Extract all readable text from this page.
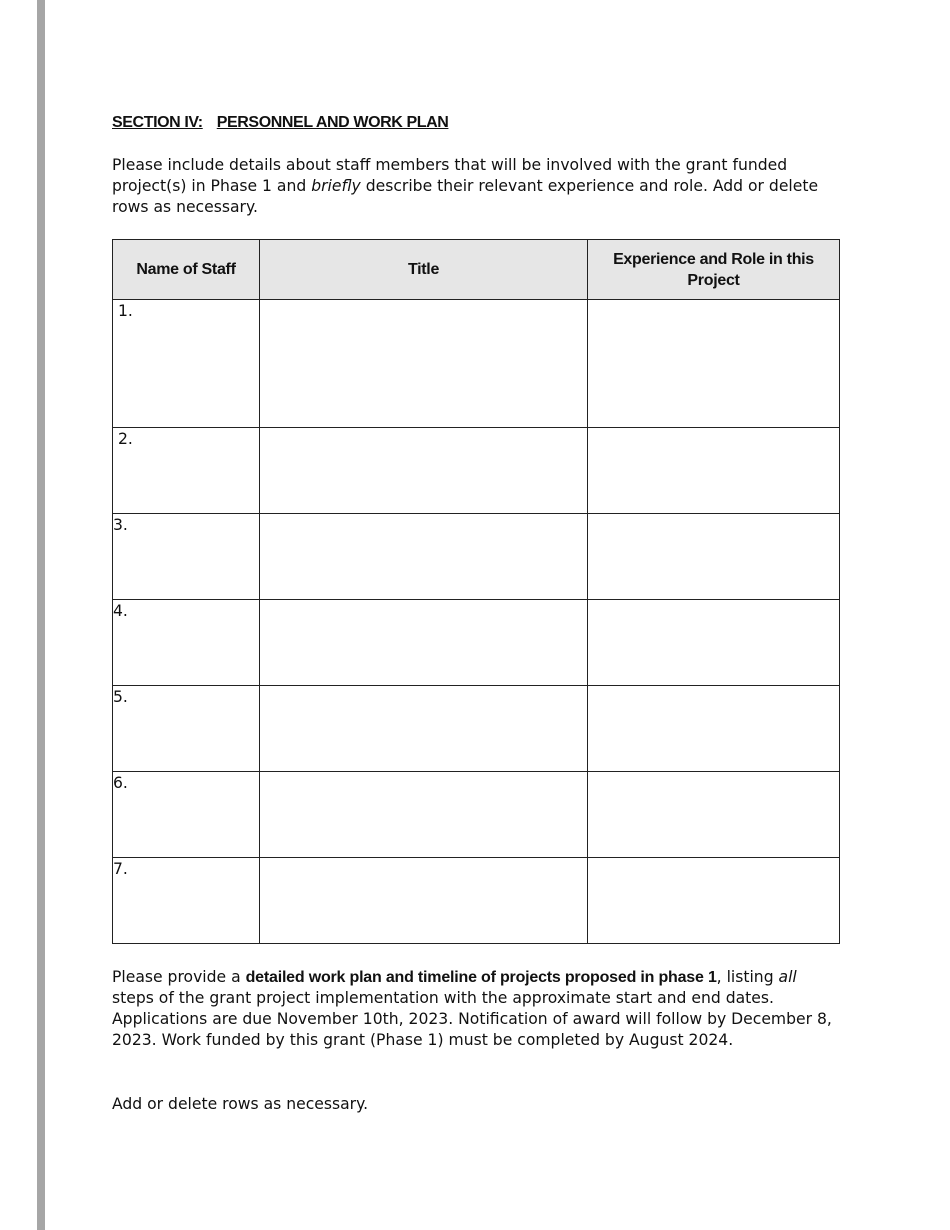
SECTION IV: PERSONNEL AND WORK PLAN

Please include details about staff members that will be involved with the grant funded project(s) in Phase 1 and briefly describe their relevant experience and role. Add or delete rows as necessary.

Name of Staff	Title	Experience and Role in this Project

1.		

2.		

3.		

4.		

5.		

6.		

7.		

Please provide a detailed work plan and timeline of projects proposed in phase 1, listing all steps of the grant project implementation with the approximate start and end dates. Applications are due November 10th, 2023. Notification of award will follow by December 8, 2023. Work funded by this grant (Phase 1) must be completed by August 2024.

Add or delete rows as necessary.
